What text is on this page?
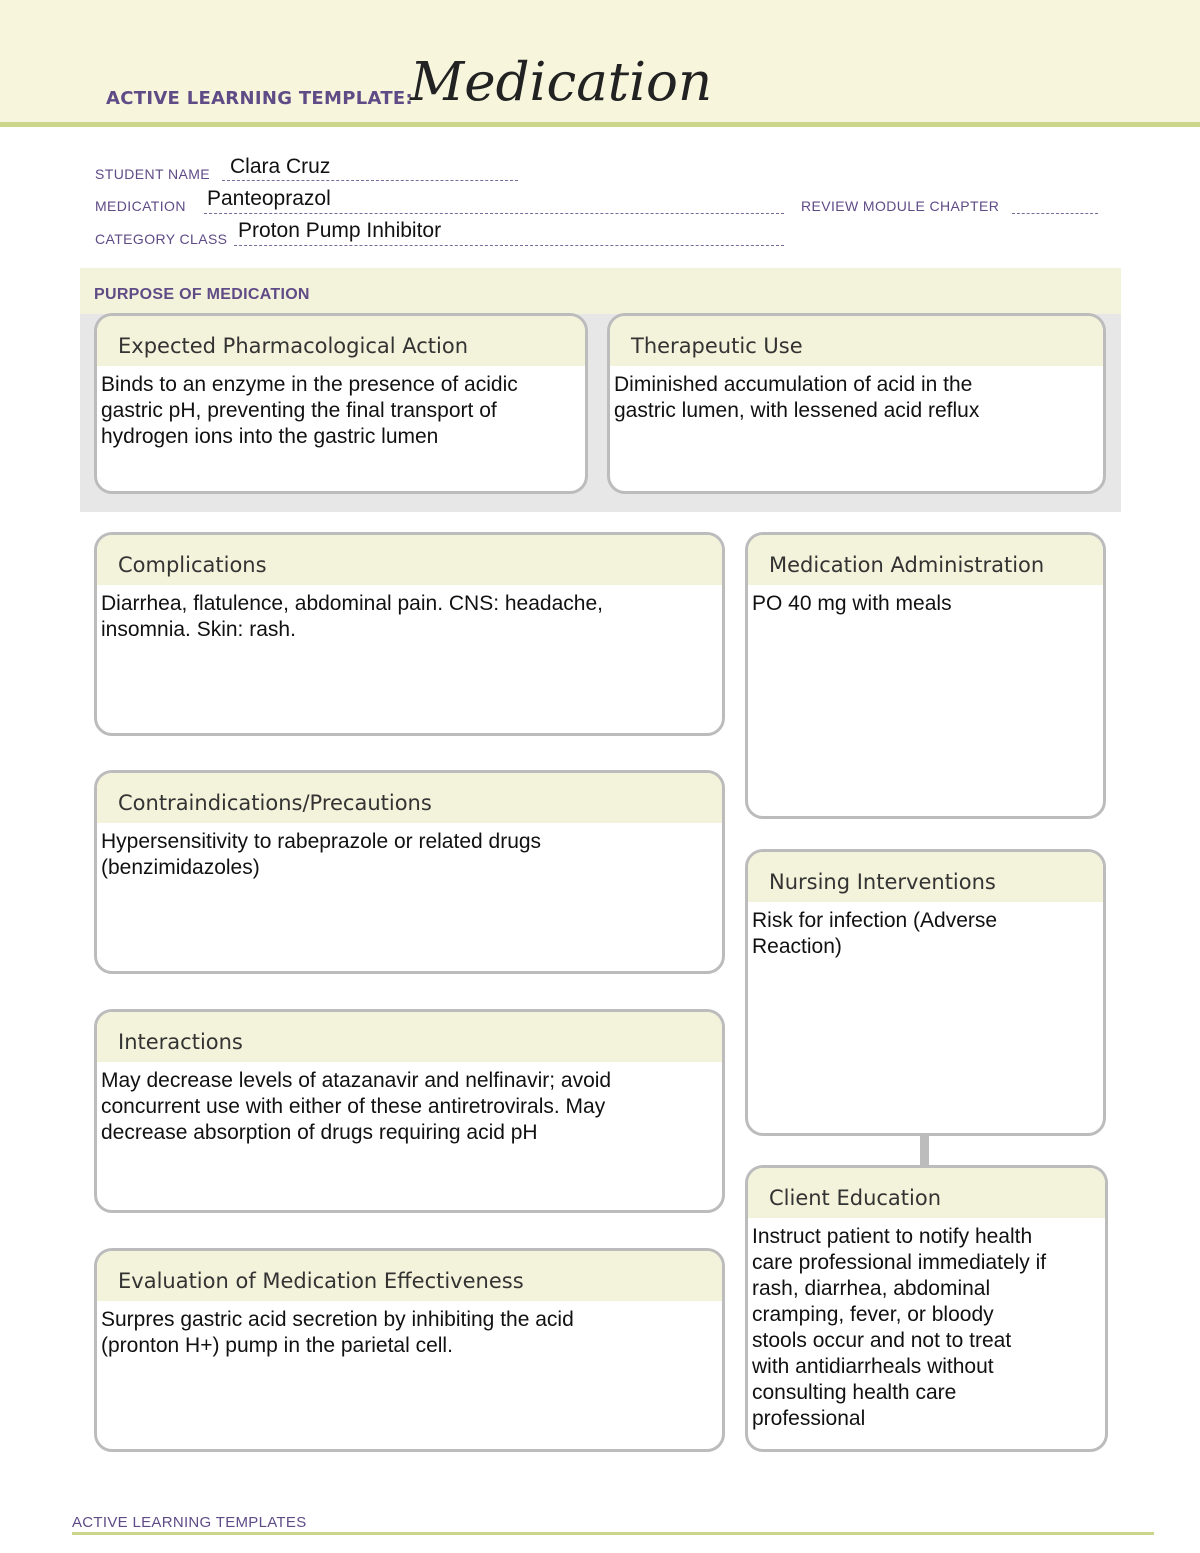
ACTIVE LEARNING TEMPLATE:
Medication
STUDENT NAME Clara Cruz
MEDICATION Panteoprazol	REVIEW MODULE CHAPTER
CATEGORY CLASS Proton Pump Inhibitor
PURPOSE OF MEDICATION
Expected Pharmacological Action
Binds to an enzyme in the presence of acidic
gastric pH, preventing the final transport of
hydrogen ions into the gastric lumen
Therapeutic Use
Diminished accumulation of acid in the
gastric lumen, with lessened acid reflux
Complications
Diarrhea, flatulence, abdominal pain. CNS: headache,
insomnia. Skin: rash.
Contraindications/Precautions
Hypersensitivity to rabeprazole or related drugs
(benzimidazoles)
Interactions
May decrease levels of atazanavir and nelfinavir; avoid
concurrent use with either of these antiretrovirals. May
decrease absorption of drugs requiring acid pH
Evaluation of Medication Effectiveness
Surpres gastric acid secretion by inhibiting the acid
(pronton H+) pump in the parietal cell.
Medication Administration
PO 40 mg with meals
Nursing Interventions
Risk for infection (Adverse
Reaction)
Client Education
Instruct patient to notify health
care professional immediately if
rash, diarrhea, abdominal
cramping, fever, or bloody
stools occur and not to treat
with antidiarrheals without
consulting health care
professional
ACTIVE LEARNING TEMPLATES
